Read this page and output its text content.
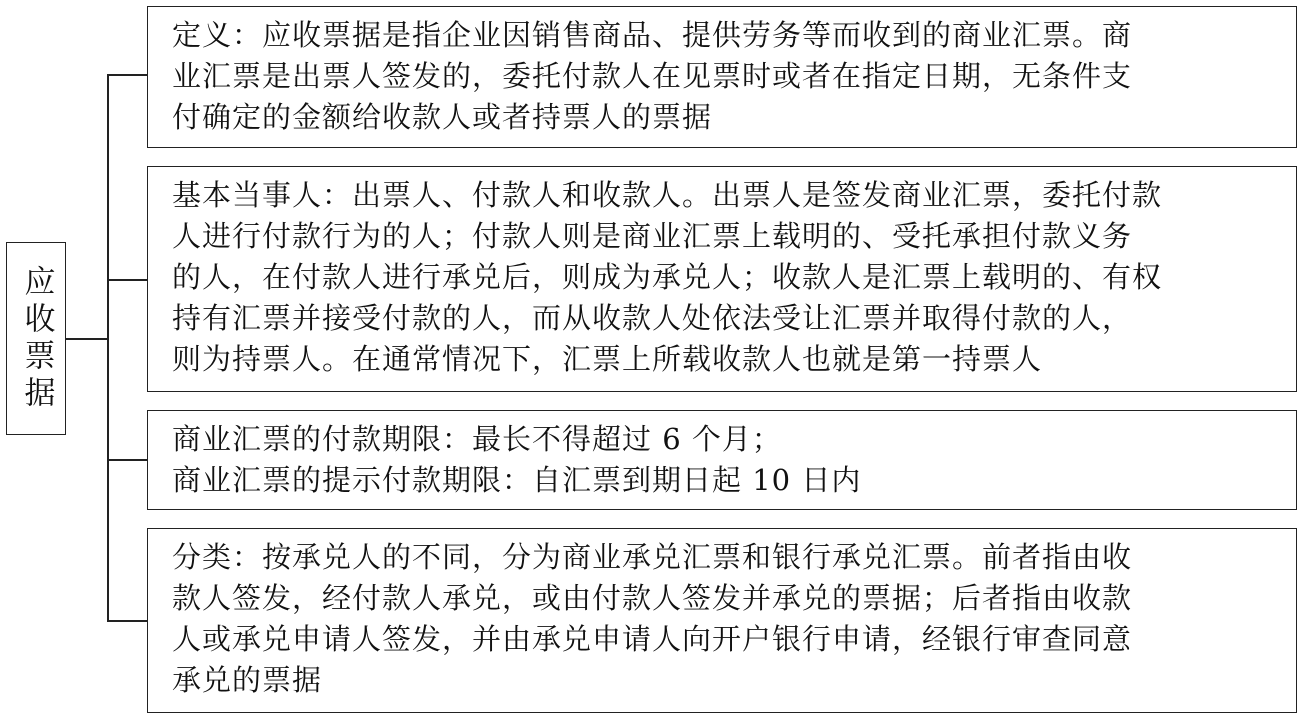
应收票据

定义：应收票据是指企业因销售商品、提供劳务等而收到的商业汇票。商
业汇票是出票人签发的，委托付款人在见票时或者在指定日期，无条件支
付确定的金额给收款人或者持票人的票据

基本当事人：出票人、付款人和收款人。出票人是签发商业汇票，委托付款
人进行付款行为的人；付款人则是商业汇票上载明的、受托承担付款义务
的人，在付款人进行承兑后，则成为承兑人；收款人是汇票上载明的、有权
持有汇票并接受付款的人，而从收款人处依法受让汇票并取得付款的人，
则为持票人。在通常情况下，汇票上所载收款人也就是第一持票人

商业汇票的付款期限：最长不得超过 6 个月；
商业汇票的提示付款期限：自汇票到期日起 10 日内

分类：按承兑人的不同，分为商业承兑汇票和银行承兑汇票。前者指由收
款人签发，经付款人承兑，或由付款人签发并承兑的票据；后者指由收款
人或承兑申请人签发，并由承兑申请人向开户银行申请，经银行审查同意
承兑的票据
